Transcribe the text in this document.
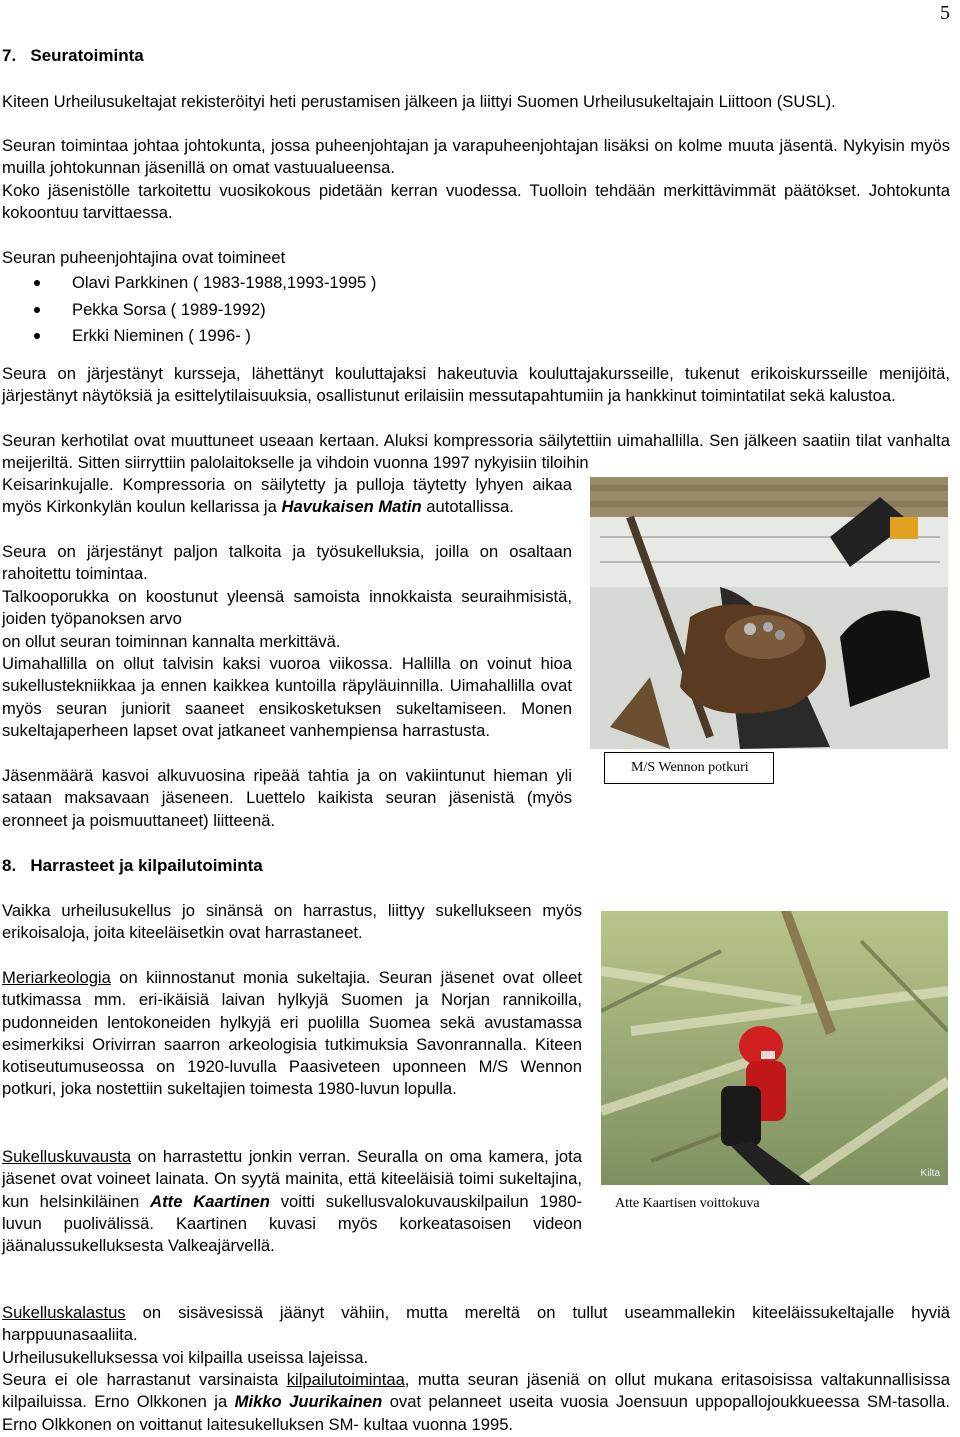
5
7. Seuratoiminta

Kiteen Urheilusukeltajat rekisteröityi heti perustamisen jälkeen ja liittyi Suomen Urheilusukeltajain Liittoon (SUSL).

Seuran toimintaa johtaa johtokunta, jossa puheenjohtajan ja varapuheenjohtajan lisäksi on kolme muuta jäsentä. Nykyisin myös muilla johtokunnan jäsenillä on omat vastuualueensa.

Koko jäsenistölle tarkoitettu vuosikokous pidetään kerran vuodessa. Tuolloin tehdään merkittävimmät päätökset. Johtokunta kokoontuu tarvittaessa.

Seuran puheenjohtajina ovat toimineet

Olavi Parkkinen ( 1983-1988,1993-1995 )
Pekka Sorsa ( 1989-1992)
Erkki Nieminen ( 1996- )

Seura on järjestänyt kursseja, lähettänyt kouluttajaksi hakeutuvia kouluttajakursseille, tukenut erikoiskursseille menijöitä, järjestänyt näytöksiä ja esittelytilaisuuksia, osallistunut erilaisiin messutapahtumiin ja hankkinut toimintatilat sekä kalustoa.

Seuran kerhotilat ovat muuttuneet useaan kertaan. Aluksi kompressoria säilytettiin uimahallilla. Sen jälkeen saatiin tilat vanhalta meijeriltä. Sitten siirryttiin palolaitokselle ja vihdoin vuonna 1997 nykyisiin tiloihin

Keisarinkujalle. Kompressoria on säilytetty ja pulloja täytetty lyhyen aikaa myös Kirkonkylän koulun kellarissa ja Havukaisen Matin autotallissa.

Seura on järjestänyt paljon talkoita ja työsukelluksia, joilla on osaltaan rahoitettu toimintaa.

Talkooporukka on koostunut yleensä samoista innokkaista seuraihmisistä, joiden työpanoksen arvo

on ollut seuran toiminnan kannalta merkittävä.

Uimahallilla on ollut talvisin kaksi vuoroa viikossa. Hallilla on voinut hioa sukellustekniikkaa ja ennen kaikkea kuntoilla räpyläuinnilla. Uimahallilla ovat myös seuran juniorit saaneet ensikosketuksen sukeltamiseen. Monen sukeltajaperheen lapset ovat jatkaneet vanhempiensa harrastusta.

Jäsenmäärä kasvoi alkuvuosina ripeää tahtia ja on vakiintunut hieman yli sataan maksavaan jäseneen. Luettelo kaikista seuran jäsenistä (myös eronneet ja poismuuttaneet) liitteenä.

M/S Wennon potkuri
8. Harrasteet ja kilpailutoiminta

Vaikka urheilusukellus jo sinänsä on harrastus, liittyy sukellukseen myös erikoisaloja, joita kiteeläisetkin ovat harrastaneet.

Meriarkeologia on kiinnostanut monia sukeltajia. Seuran jäsenet ovat olleet tutkimassa mm. eri-ikäisiä laivan hylkyjä Suomen ja Norjan rannikoilla, pudonneiden lentokoneiden hylkyjä eri puolilla Suomea sekä avustamassa esimerkiksi Orivirran saarron arkeologisia tutkimuksia Savonrannalla. Kiteen kotiseutumuseossa on 1920-luvulla Paasiveteen uponneen M/S Wennon potkuri, joka nostettiin sukeltajien toimesta 1980-luvun lopulla.

Sukelluskuvausta on harrastettu jonkin verran. Seuralla on oma kamera, jota jäsenet ovat voineet lainata. On syytä mainita, että kiteeläisiä toimi sukeltajina, kun helsinkiläinen Atte Kaartinen voitti sukellusvalokuvauskilpailun 1980-luvun puolivälissä. Kaartinen kuvasi myös korkeatasoisen videon jäänalussukelluksesta Valkeajärvellä.

Kilta
Atte Kaartisen voittokuva

Sukelluskalastus on sisävesissä jäänyt vähiin, mutta mereltä on tullut useammallekin kiteeläissukeltajalle hyviä harppuunasaaliita.

Urheilusukelluksessa voi kilpailla useissa lajeissa.

Seura ei ole harrastanut varsinaista kilpailutoimintaa, mutta seuran jäseniä on ollut mukana eritasoisissa valtakunnallisissa kilpailuissa. Erno Olkkonen ja Mikko Juurikainen ovat pelanneet useita vuosia Joensuun uppopallojoukkueessa SM-tasolla. Erno Olkkonen on voittanut laitesukelluksen SM- kultaa vuonna 1995.
